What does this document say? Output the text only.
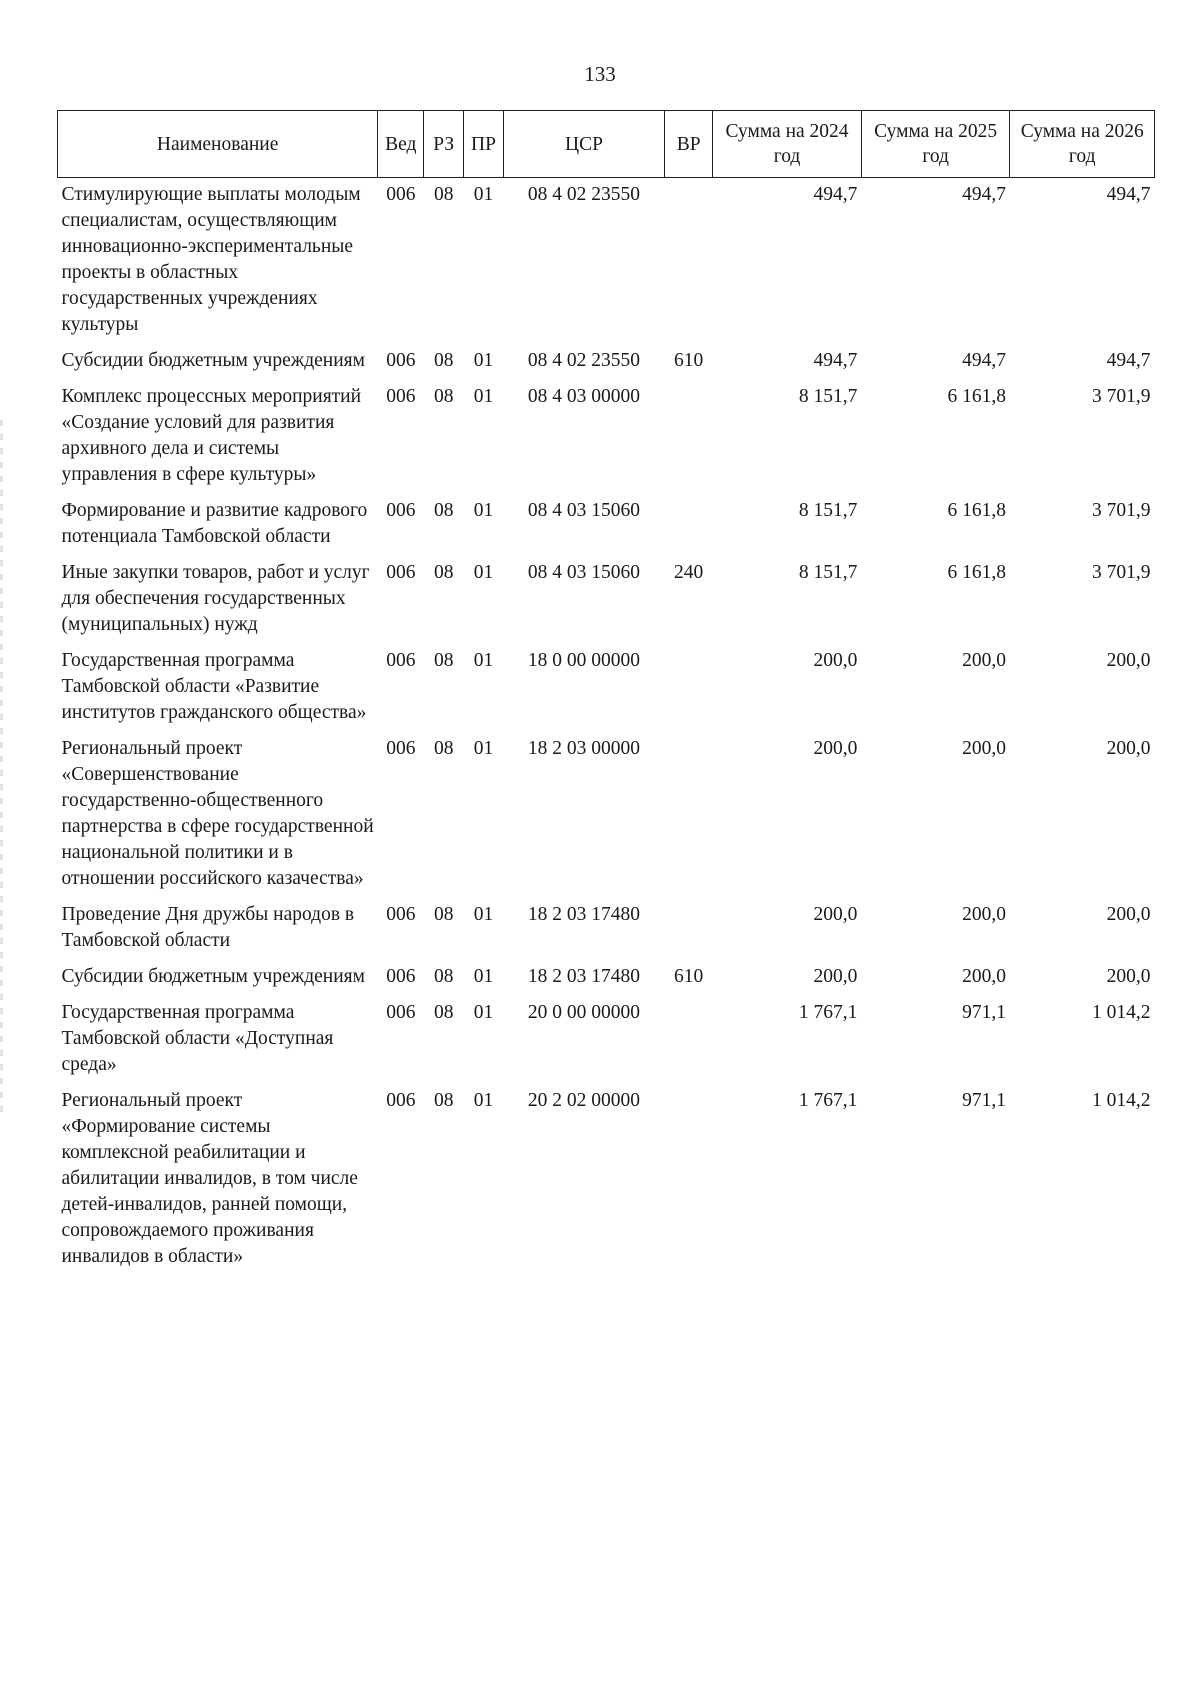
133
Наименование	Вед	РЗ	ПР	ЦСР	ВР	Сумма на 2024 год	Сумма на 2025 год	Сумма на 2026 год
Стимулирующие выплаты молодым специалистам, осуществляющим инновационно-экспериментальные проекты в областных государственных учреждениях культуры	006	08	01	08 4 02 23550		494,7	494,7	494,7
Субсидии бюджетным учреждениям	006	08	01	08 4 02 23550	610	494,7	494,7	494,7
Комплекс процессных мероприятий «Создание условий для развития архивного дела и системы управления в сфере культуры»	006	08	01	08 4 03 00000		8 151,7	6 161,8	3 701,9
Формирование и развитие кадрового потенциала Тамбовской области	006	08	01	08 4 03 15060		8 151,7	6 161,8	3 701,9
Иные закупки товаров, работ и услуг для обеспечения государственных (муниципальных) нужд	006	08	01	08 4 03 15060	240	8 151,7	6 161,8	3 701,9
Государственная программа Тамбовской области «Развитие институтов гражданского общества»	006	08	01	18 0 00 00000		200,0	200,0	200,0
Региональный проект «Совершенствование государственно-общественного партнерства в сфере государственной национальной политики и в отношении российского казачества»	006	08	01	18 2 03 00000		200,0	200,0	200,0
Проведение Дня дружбы народов в Тамбовской области	006	08	01	18 2 03 17480		200,0	200,0	200,0
Субсидии бюджетным учреждениям	006	08	01	18 2 03 17480	610	200,0	200,0	200,0
Государственная программа Тамбовской области «Доступная среда»	006	08	01	20 0 00 00000		1 767,1	971,1	1 014,2
Региональный проект «Формирование системы комплексной реабилитации и абилитации инвалидов, в том числе детей-инвалидов, ранней помощи, сопровождаемого проживания инвалидов в области»	006	08	01	20 2 02 00000		1 767,1	971,1	1 014,2
